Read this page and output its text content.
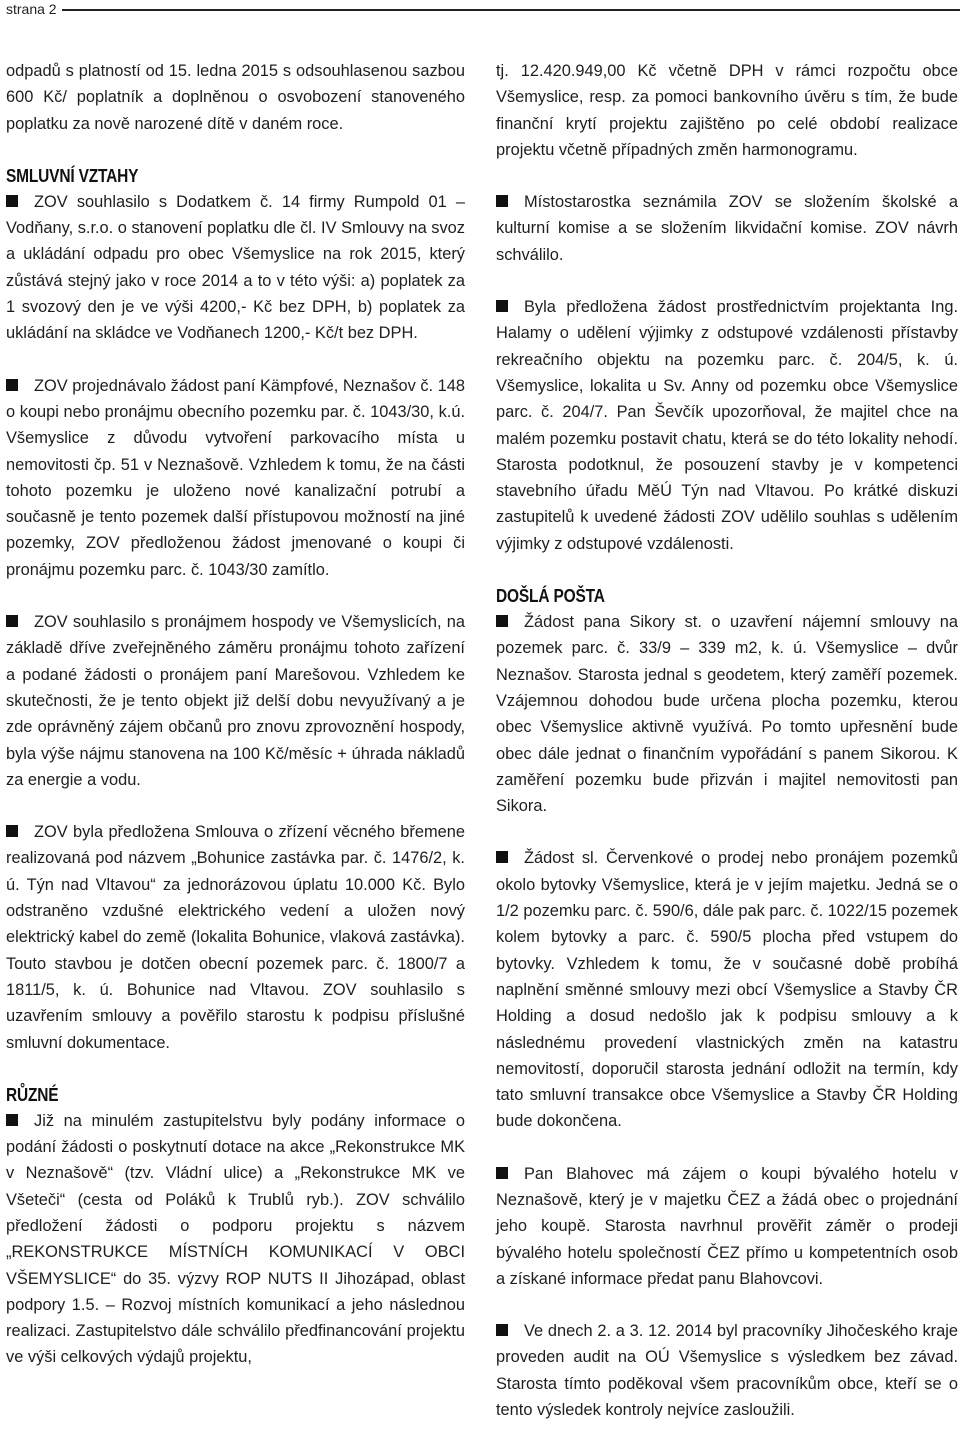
strana 2

odpadů s platností od 15. ledna 2015 s odsouhlasenou sazbou 600 Kč/ poplatník a doplněnou o osvobození stanoveného poplatku za nově narozené dítě v daném roce.

SMLUVNÍ VZTAHY

ZOV souhlasilo s Dodatkem č. 14 firmy Rumpold 01 – Vodňany, s.r.o. o stanovení poplatku dle čl. IV Smlouvy na svoz a ukládání odpadu pro obec Všemyslice na rok 2015, který zůstává stejný jako v roce 2014 a to v této výši: a) poplatek za 1 svozový den je ve výši 4200,- Kč bez DPH, b) poplatek za ukládání na skládce ve Vodňanech 1200,- Kč/t bez DPH.

ZOV projednávalo žádost paní Kämpfové, Neznašov č. 148 o koupi nebo pronájmu obecního pozemku par. č. 1043/30, k.ú. Všemyslice z důvodu vytvoření parkovacího místa u nemovitosti čp. 51 v Neznašově. Vzhledem k tomu, že na části tohoto pozemku je uloženo nové kanalizační potrubí a současně je tento pozemek další přístupovou možností na jiné pozemky, ZOV předloženou žádost jmenované o koupi či pronájmu pozemku parc. č. 1043/30 zamítlo.

ZOV souhlasilo s pronájmem hospody ve Všemyslicích, na základě dříve zveřejněného záměru pronájmu tohoto zařízení a podané žádosti o pronájem paní Marešovou. Vzhledem ke skutečnosti, že je tento objekt již delší dobu nevyužívaný a je zde oprávněný zájem občanů pro znovu zprovoznění hospody, byla výše nájmu stanovena na 100 Kč/měsíc + úhrada nákladů za energie a vodu.

ZOV byla předložena Smlouva o zřízení věcného břemene realizovaná pod názvem „Bohunice zastávka par. č. 1476/2, k. ú. Týn nad Vltavou“ za jednorázovou úplatu 10.000 Kč. Bylo odstraněno vzdušné elektrického vedení a uložen nový elektrický kabel do země (lokalita Bohunice, vlaková zastávka). Touto stavbou je dotčen obecní pozemek parc. č. 1800/7 a 1811/5, k. ú. Bohunice nad Vltavou. ZOV souhlasilo s uzavřením smlouvy a pověřilo starostu k podpisu příslušné smluvní dokumentace.

RŮZNÉ

Již na minulém zastupitelstvu byly podány informace o podání žádosti o poskytnutí dotace na akce „Rekonstrukce MK v Neznašově“ (tzv. Vládní ulice) a „Rekonstrukce MK ve Všeteči“ (cesta od Poláků k Trublů ryb.). ZOV schválilo předložení žádosti o podporu projektu s názvem „REKONSTRUKCE MÍSTNÍCH KOMUNIKACÍ V OBCI VŠEMYSLICE“ do 35. výzvy ROP NUTS II Jihozápad, oblast podpory 1.5. – Rozvoj místních komunikací a jeho následnou realizaci. Zastupitelstvo dále schválilo předfinancování projektu ve výši celkových výdajů projektu,

tj. 12.420.949,00 Kč včetně DPH v rámci rozpočtu obce Všemyslice, resp. za pomoci bankovního úvěru s tím, že bude finanční krytí projektu zajištěno po celé období realizace projektu včetně případných změn harmonogramu.

Místostarostka seznámila ZOV se složením školské a kulturní komise a se složením likvidační komise. ZOV návrh schválilo.

Byla předložena žádost prostřednictvím projektanta Ing. Halamy o udělení výjimky z odstupové vzdálenosti přístavby rekreačního objektu na pozemku parc. č. 204/5, k. ú. Všemyslice, lokalita u Sv. Anny od pozemku obce Všemyslice parc. č. 204/7. Pan Ševčík upozorňoval, že majitel chce na malém pozemku postavit chatu, která se do této lokality nehodí. Starosta podotknul, že posouzení stavby je v kompetenci stavebního úřadu MěÚ Týn nad Vltavou. Po krátké diskuzi zastupitelů k uvedené žádosti ZOV udělilo souhlas s udělením výjimky z odstupové vzdálenosti.

DOŠLÁ POŠTA

Žádost pana Sikory st. o uzavření nájemní smlouvy na pozemek parc. č. 33/9 – 339 m2, k. ú. Všemyslice – dvůr Neznašov. Starosta jednal s geodetem, který zaměří pozemek. Vzájemnou dohodou bude určena plocha pozemku, kterou obec Všemyslice aktivně využívá. Po tomto upřesnění bude obec dále jednat o finančním vypořádání s panem Sikorou. K zaměření pozemku bude přizván i majitel nemovitosti pan Sikora.

Žádost sl. Červenkové o prodej nebo pronájem pozemků okolo bytovky Všemyslice, která je v jejím majetku. Jedná se o 1/2 pozemku parc. č. 590/6, dále pak parc. č. 1022/15 pozemek kolem bytovky a parc. č. 590/5 plocha před vstupem do bytovky. Vzhledem k tomu, že v současné době probíhá naplnění směnné smlouvy mezi obcí Všemyslice a Stavby ČR Holding a dosud nedošlo jak k podpisu smlouvy a k následnému provedení vlastnických změn na katastru nemovitostí, doporučil starosta jednání odložit na termín, kdy tato smluvní transakce obce Všemyslice a Stavby ČR Holding bude dokončena.

Pan Blahovec má zájem o koupi bývalého hotelu v Neznašově, který je v majetku ČEZ a žádá obec o projednání jeho koupě. Starosta navrhnul prověřit záměr o prodeji bývalého hotelu společností ČEZ přímo u kompetentních osob a získané informace předat panu Blahovcovi.

Ve dnech 2. a 3. 12. 2014 byl pracovníky Jihočeského kraje proveden audit na OÚ Všemyslice s výsledkem bez závad. Starosta tímto poděkoval všem pracovníkům obce, kteří se o tento výsledek kontroly nejvíce zasloužili.
